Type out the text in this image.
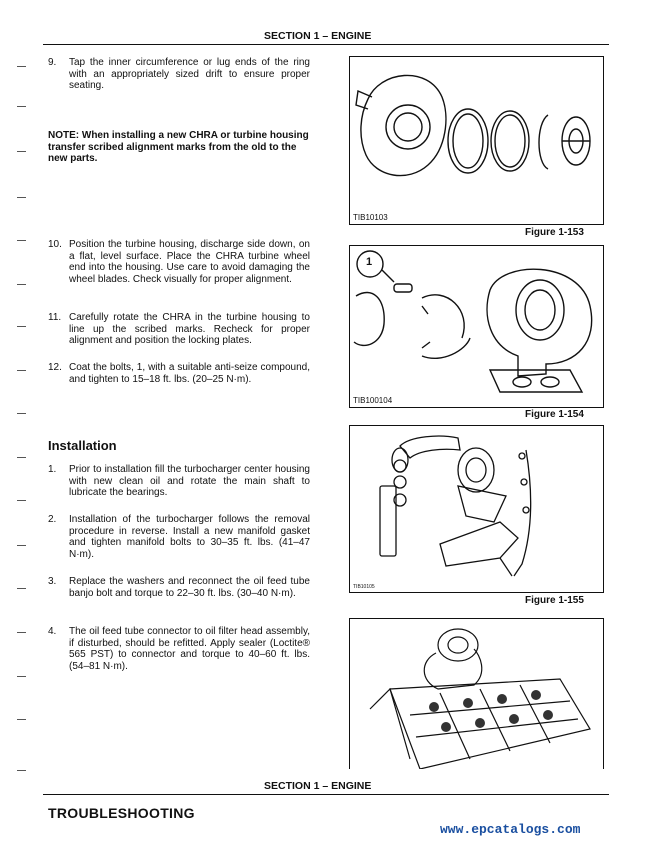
SECTION 1 – ENGINE
9.	Tap the inner circumference or lug ends of the ring with an appropriately sized drift to ensure proper seating.
NOTE: When installing a new CHRA or turbine housing transfer scribed alignment marks from the old to the new parts.
10. Position the turbine housing, discharge side down, on a flat, level surface. Place the CHRA turbine wheel end into the housing. Use care to avoid damaging the wheel blades. Check visually for proper alignment.
11. Carefully rotate the CHRA in the turbine housing to line up the scribed marks. Recheck for proper alignment and position the locking plates.
12. Coat the bolts, 1, with a suitable anti-seize compound, and tighten to 15–18 ft. lbs. (20–25 N·m).
Installation
1.	Prior to installation fill the turbocharger center housing with new clean oil and rotate the main shaft to lubricate the bearings.
2.	Installation of the turbocharger follows the removal procedure in reverse. Install a new manifold gasket and tighten manifold bolts to 30–35 ft. lbs. (41–47 N·m).
3.	Replace the washers and reconnect the oil feed tube banjo bolt and torque to 22–30 ft. lbs. (30–40 N·m).
4.	The oil feed tube connector to oil filter head assembly, if disturbed, should be refitted. Apply sealer (Loctite® 565 PST) to connector and torque to 40–60 ft. lbs. (54–81 N·m).
TIB10103
Figure 1-153
1
TIB100104
Figure 1-154
TIB10105
Figure 1-155
SECTION 1 – ENGINE
TROUBLESHOOTING
www.epcatalogs.com
